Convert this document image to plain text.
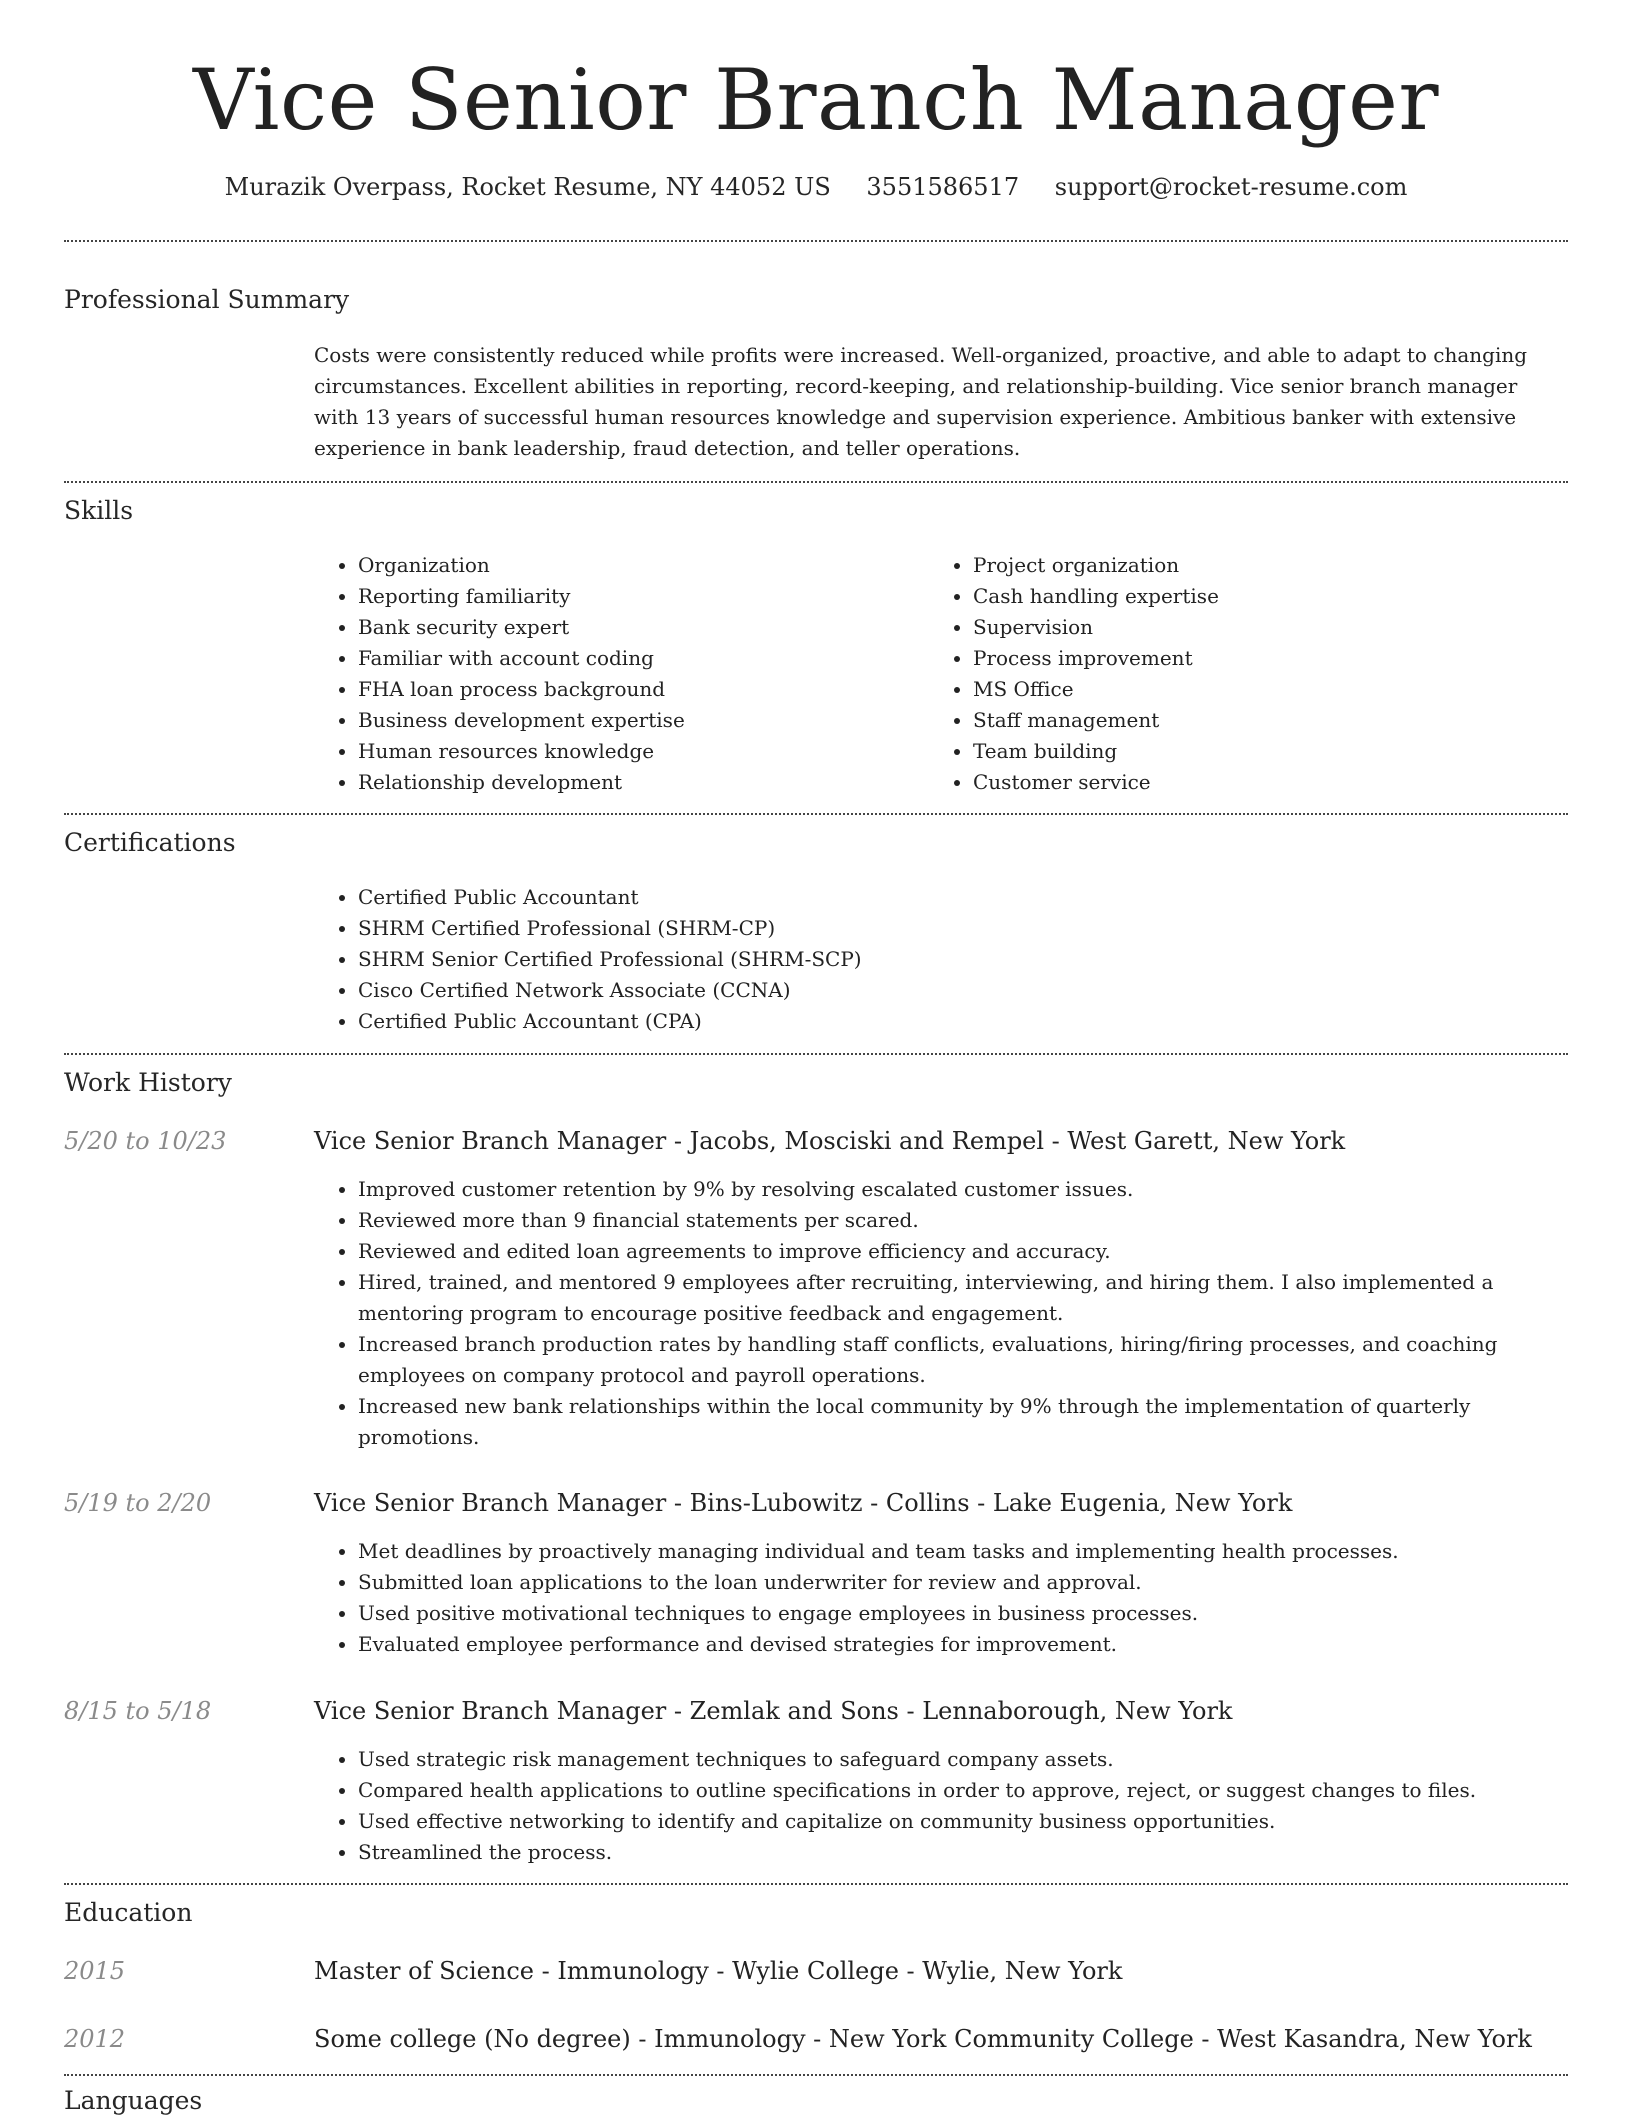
Vice Senior Branch Manager
Murazik Overpass, Rocket Resume, NY 44052 US 3551586517 support@rocket-resume.com
Professional Summary

Costs were consistently reduced while profits were increased. Well-organized, proactive, and able to adapt to changing circumstances. Excellent abilities in reporting, record-keeping, and relationship-building. Vice senior branch manager with 13 years of successful human resources knowledge and supervision experience. Ambitious banker with extensive experience in bank leadership, fraud detection, and teller operations.

Skills
• Organization
• Reporting familiarity
• Bank security expert
• Familiar with account coding
• FHA loan process background
• Business development expertise
• Human resources knowledge
• Relationship development
• Project organization
• Cash handling expertise
• Supervision
• Process improvement
• MS Office
• Staff management
• Team building
• Customer service
Certifications
• Certified Public Accountant
• SHRM Certified Professional (SHRM-CP)
• SHRM Senior Certified Professional (SHRM-SCP)
• Cisco Certified Network Associate (CCNA)
• Certified Public Accountant (CPA)
Work History
5/20 to 10/23	Vice Senior Branch Manager - Jacobs, Mosciski and Rempel - West Garett, New York
• Improved customer retention by 9% by resolving escalated customer issues.
• Reviewed more than 9 financial statements per scared.
• Reviewed and edited loan agreements to improve efficiency and accuracy.
• Hired, trained, and mentored 9 employees after recruiting, interviewing, and hiring them. I also implemented a mentoring program to encourage positive feedback and engagement.
• Increased branch production rates by handling staff conflicts, evaluations, hiring/firing processes, and coaching employees on company protocol and payroll operations.
• Increased new bank relationships within the local community by 9% through the implementation of quarterly promotions.
5/19 to 2/20	Vice Senior Branch Manager - Bins-Lubowitz - Collins - Lake Eugenia, New York
• Met deadlines by proactively managing individual and team tasks and implementing health processes.
• Submitted loan applications to the loan underwriter for review and approval.
• Used positive motivational techniques to engage employees in business processes.
• Evaluated employee performance and devised strategies for improvement.
8/15 to 5/18	Vice Senior Branch Manager - Zemlak and Sons - Lennaborough, New York
• Used strategic risk management techniques to safeguard company assets.
• Compared health applications to outline specifications in order to approve, reject, or suggest changes to files.
• Used effective networking to identify and capitalize on community business opportunities.
• Streamlined the process.
Education
2015	Master of Science - Immunology - Wylie College - Wylie, New York
2012	Some college (No degree) - Immunology - New York Community College - West Kasandra, New York
Languages
